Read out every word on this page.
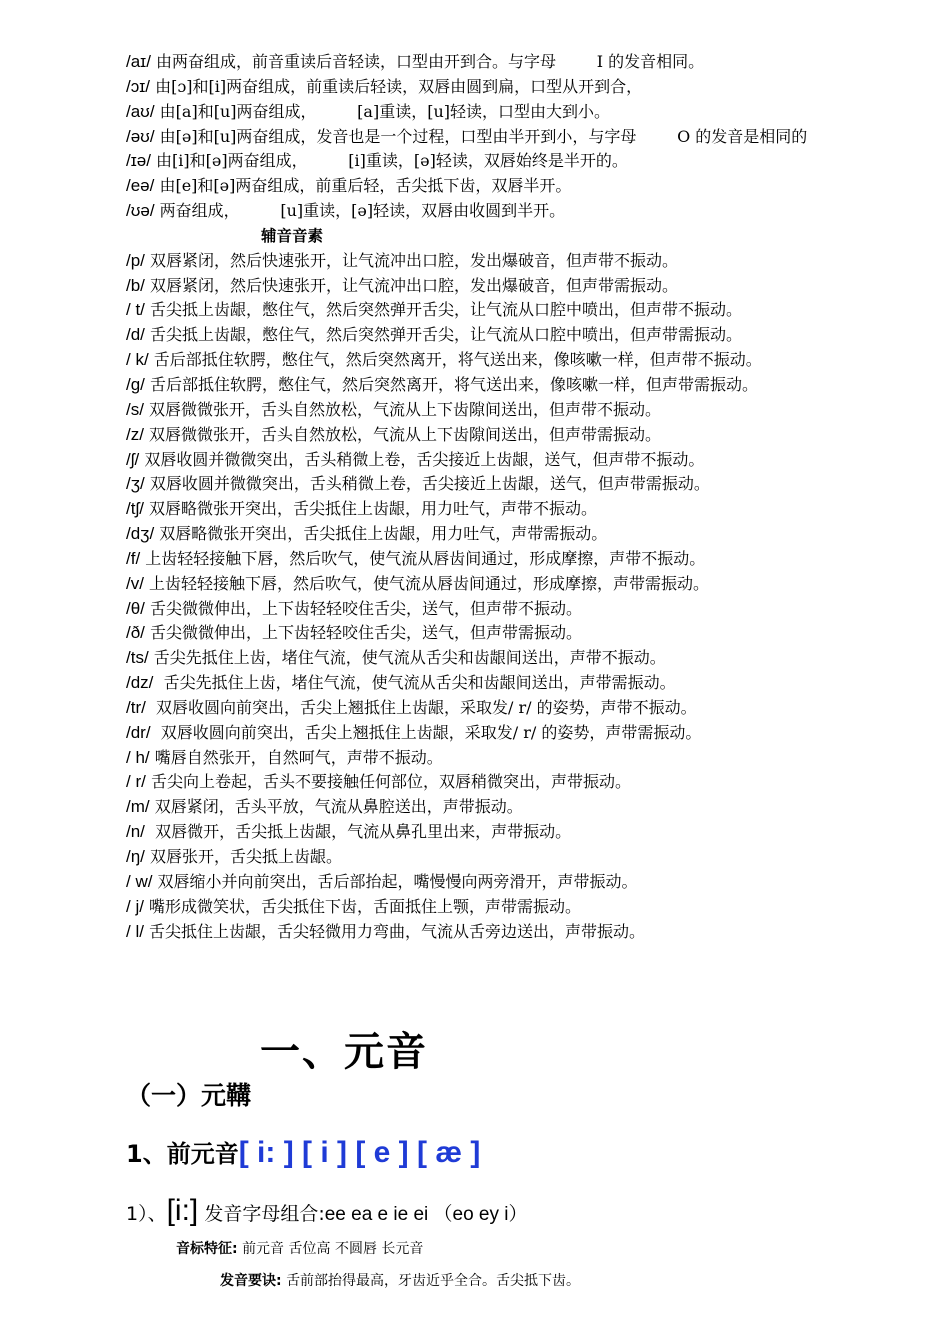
/aɪ/ 由两奋组成，前音重读后音轻读，口型由开到合。与字母        I 的发音相同。
/ɔɪ/ 由[ɔ]和[i]两奋组成，前重读后轻读，双唇由圆到扁，口型从开到合，
/aʊ/ 由[a]和[u]两奋组成，        [a]重读，[u]轻读，口型由大到小。
/əʊ/ 由[ə]和[u]两奋组成，发音也是一个过程，口型由半开到小，与字母        O 的发音是相同的
/ɪə/ 由[i]和[ə]两奋组成，        [i]重读，[ə]轻读，双唇始终是半开的。
/eə/ 由[e]和[ə]两奋组成，前重后轻，舌尖抵下齿，双唇半开。
/ʊə/ 两奋组成，        [u]重读，[ə]轻读，双唇由收圆到半开。
辅音音素
/p/ 双唇紧闭，然后快速张开，让气流冲出口腔，发出爆破音，但声带不振动。
/b/ 双唇紧闭，然后快速张开，让气流冲出口腔，发出爆破音，但声带需振动。
/ t/ 舌尖抵上齿龈，憋住气，然后突然弹开舌尖，让气流从口腔中喷出，但声带不振动。
/d/ 舌尖抵上齿龈，憋住气，然后突然弹开舌尖，让气流从口腔中喷出，但声带需振动。
/ k/ 舌后部抵住软腭，憋住气，然后突然离开，将气送出来，像咳嗽一样，但声带不振动。
/g/ 舌后部抵住软腭，憋住气，然后突然离开，将气送出来，像咳嗽一样，但声带需振动。
/s/ 双唇微微张开，舌头自然放松，气流从上下齿隙间送出，但声带不振动。
/z/ 双唇微微张开，舌头自然放松，气流从上下齿隙间送出，但声带需振动。
/ʃ/ 双唇收圆并微微突出，舌头稍微上卷，舌尖接近上齿龈，送气，但声带不振动。
/ʒ/ 双唇收圆并微微突出，舌头稍微上卷，舌尖接近上齿龈，送气，但声带需振动。
/tʃ/ 双唇略微张开突出，舌尖抵住上齿龈，用力吐气，声带不振动。
/dʒ/ 双唇略微张开突出，舌尖抵住上齿龈，用力吐气，声带需振动。
/f/ 上齿轻轻接触下唇，然后吹气，使气流从唇齿间通过，形成摩擦，声带不振动。
/v/ 上齿轻轻接触下唇，然后吹气，使气流从唇齿间通过，形成摩擦，声带需振动。
/θ/ 舌尖微微伸出，上下齿轻轻咬住舌尖，送气，但声带不振动。
/ð/ 舌尖微微伸出，上下齿轻轻咬住舌尖，送气，但声带需振动。
/ts/ 舌尖先抵住上齿，堵住气流，使气流从舌尖和齿龈间送出，声带不振动。
/dz/  舌尖先抵住上齿，堵住气流，使气流从舌尖和齿龈间送出，声带需振动。
/tr/  双唇收圆向前突出，舌尖上翘抵住上齿龈，采取发/ r/ 的姿势，声带不振动。
/dr/  双唇收圆向前突出，舌尖上翘抵住上齿龈，采取发/ r/ 的姿势，声带需振动。
/ h/ 嘴唇自然张开，自然呵气，声带不振动。
/ r/ 舌尖向上卷起，舌头不要接触任何部位，双唇稍微突出，声带振动。
/m/ 双唇紧闭，舌头平放，气流从鼻腔送出，声带振动。
/n/  双唇微开，舌尖抵上齿龈，气流从鼻孔里出来，声带振动。
/ŋ/ 双唇张开，舌尖抵上齿龈。
/ w/ 双唇缩小并向前突出，舌后部抬起，嘴慢慢向两旁滑开，声带振动。
/ j/ 嘴形成微笑状，舌尖抵住下齿，舌面抵住上颚，声带需振动。
/ l/ 舌尖抵住上齿龈，舌尖轻微用力弯曲，气流从舌旁边送出，声带振动。
一、元音
（一）元鞲
1、前元音[ i: ] [ i ] [ e ] [ æ ]
1）、[i:] 发音字母组合:ee ea e ie ei （eo ey i）
音标特征: 前元音 舌位高 不圆唇 长元音
发音要诀: 舌前部抬得最高，牙齿近乎全合。舌尖抵下齿。
